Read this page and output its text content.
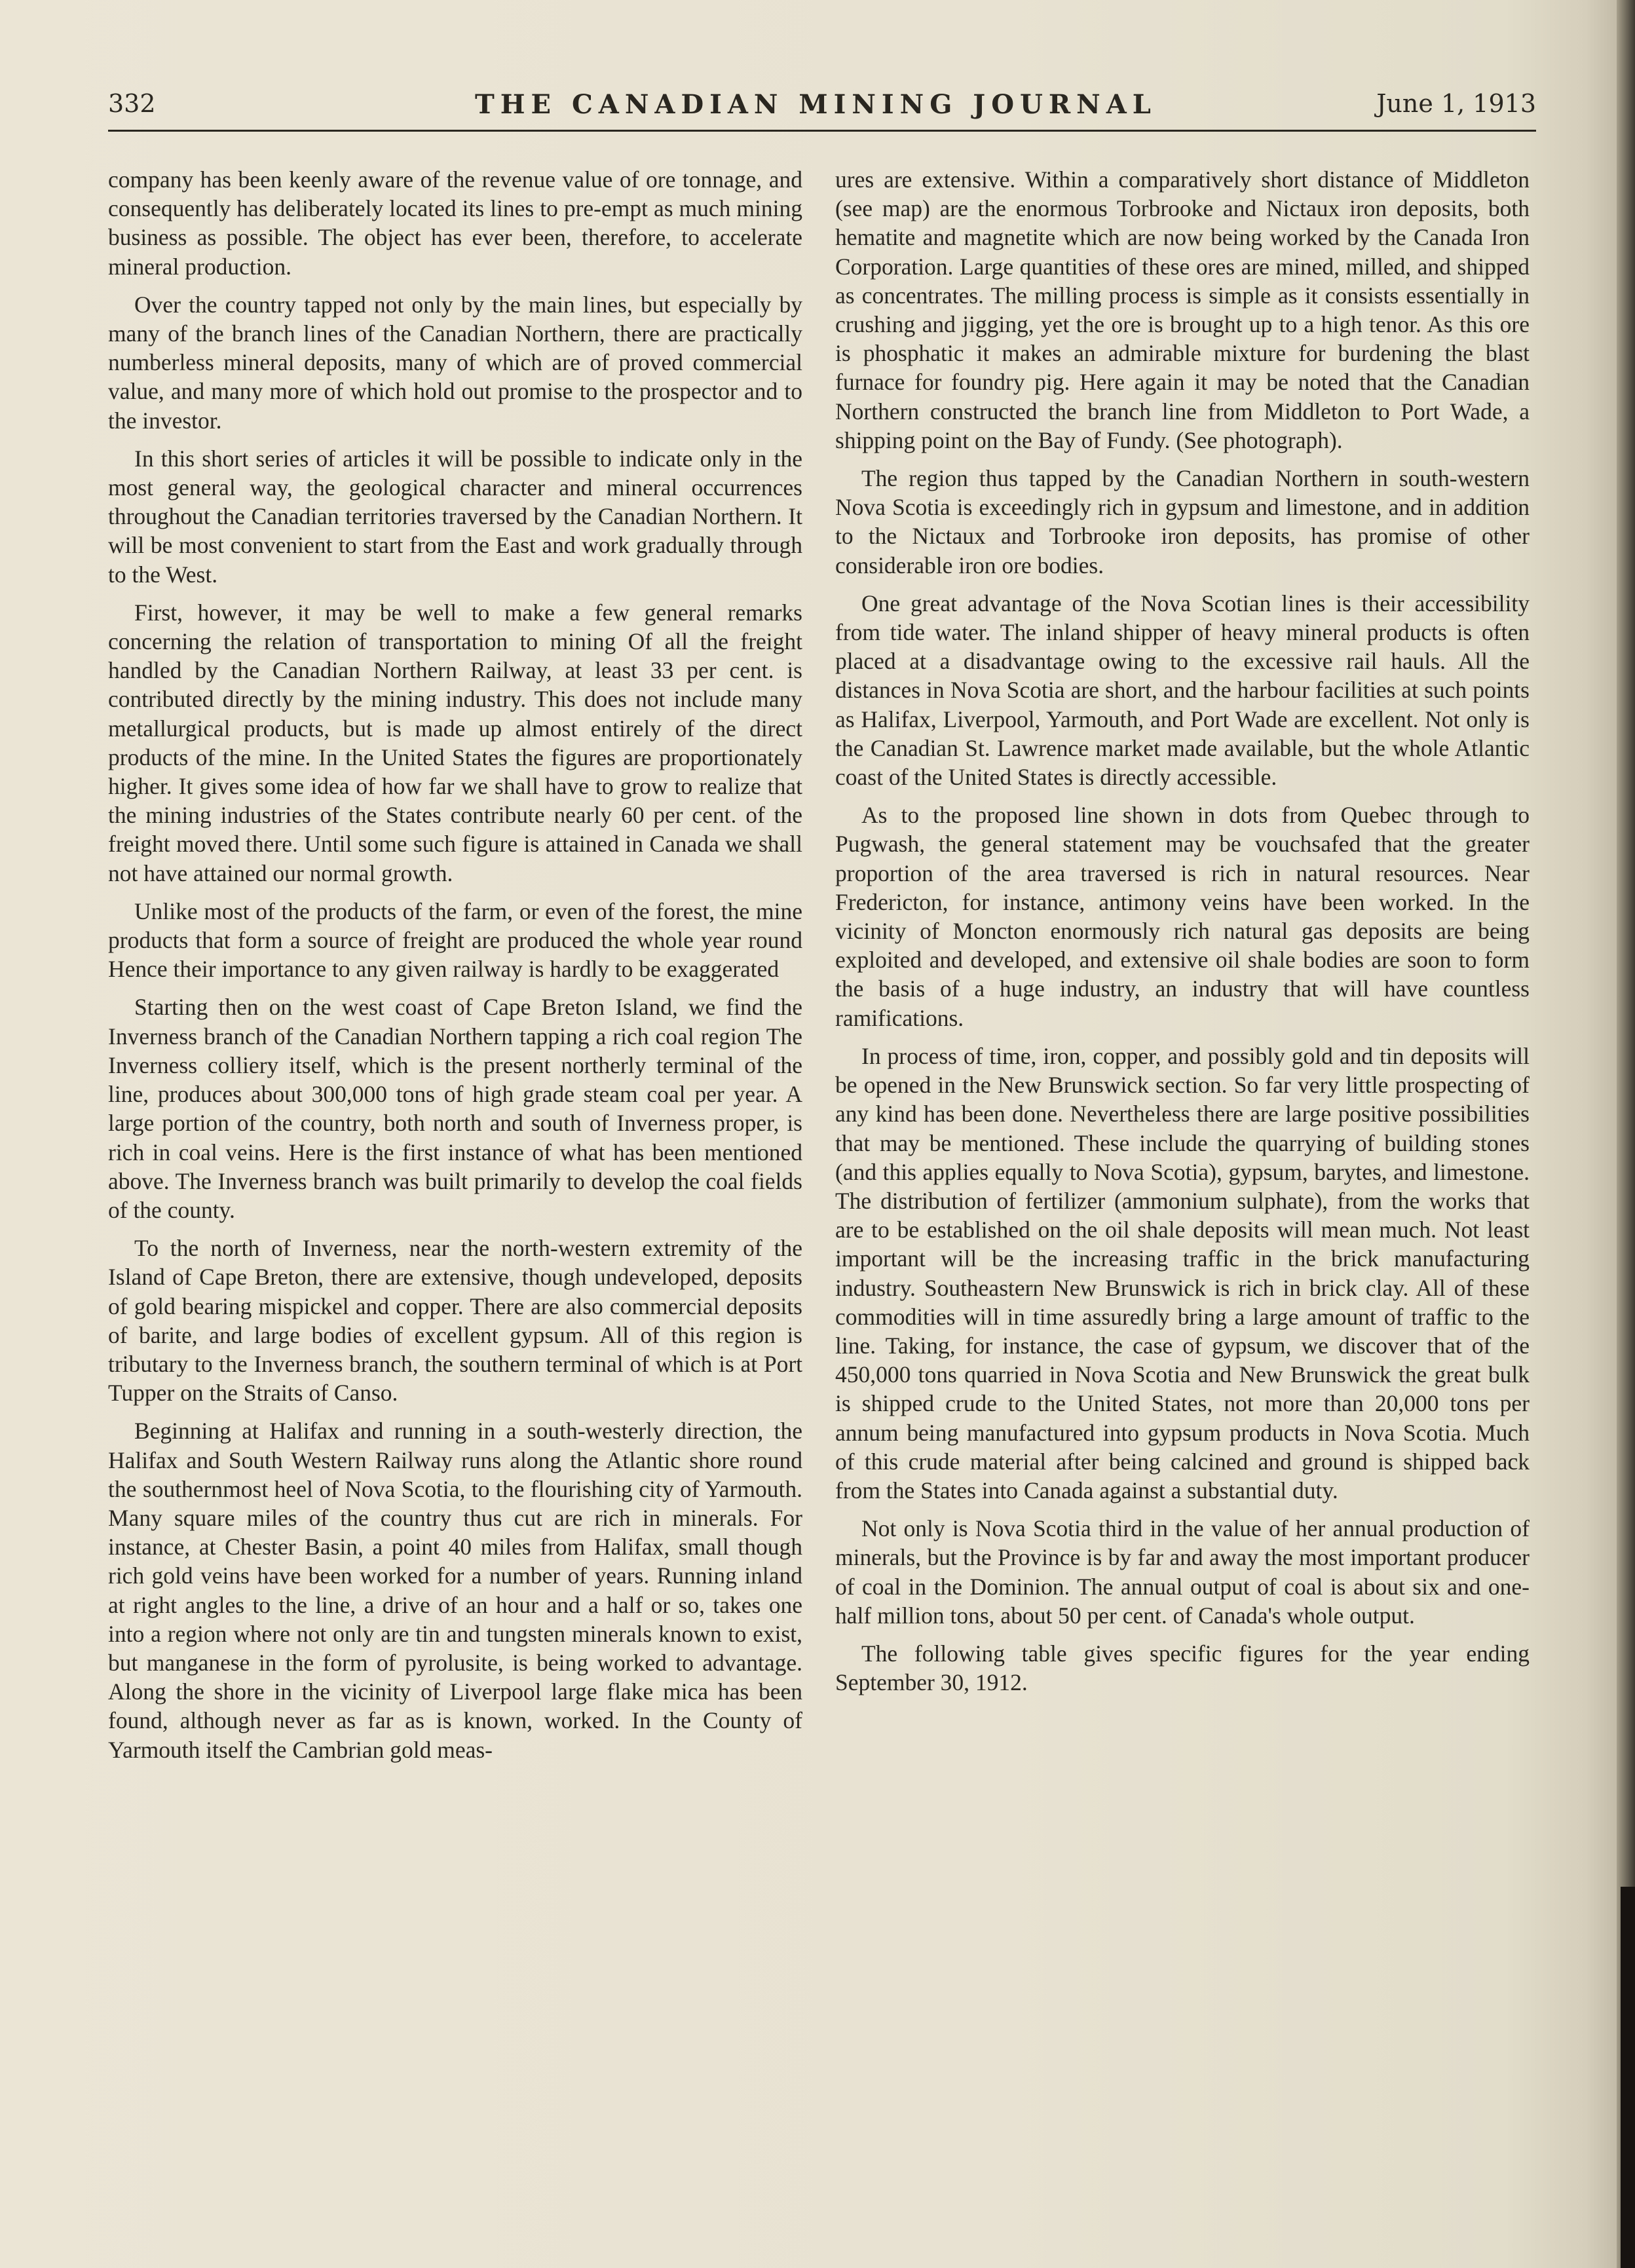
332	THE CANADIAN MINING JOURNAL	June 1, 1913

company has been keenly aware of the revenue value of ore tonnage, and consequently has deliberately located its lines to pre-empt as much mining business as possible. The object has ever been, therefore, to accelerate mineral production.

Over the country tapped not only by the main lines, but especially by many of the branch lines of the Canadian Northern, there are practically numberless mineral deposits, many of which are of proved commercial value, and many more of which hold out promise to the prospector and to the investor.

In this short series of articles it will be possible to indicate only in the most general way, the geological character and mineral occurrences throughout the Canadian territories traversed by the Canadian Northern. It will be most convenient to start from the East and work gradually through to the West.

First, however, it may be well to make a few general remarks concerning the relation of transportation to mining Of all the freight handled by the Canadian Northern Railway, at least 33 per cent. is contributed directly by the mining industry. This does not include many metallurgical products, but is made up almost entirely of the direct products of the mine. In the United States the figures are proportionately higher. It gives some idea of how far we shall have to grow to realize that the mining industries of the States contribute nearly 60 per cent. of the freight moved there. Until some such figure is attained in Canada we shall not have attained our normal growth.

Unlike most of the products of the farm, or even of the forest, the mine products that form a source of freight are produced the whole year round Hence their importance to any given railway is hardly to be exaggerated

Starting then on the west coast of Cape Breton Island, we find the Inverness branch of the Canadian Northern tapping a rich coal region The Inverness colliery itself, which is the present northerly terminal of the line, produces about 300,000 tons of high grade steam coal per year. A large portion of the country, both north and south of Inverness proper, is rich in coal veins. Here is the first instance of what has been mentioned above. The Inverness branch was built primarily to develop the coal fields of the county.

To the north of Inverness, near the north-western extremity of the Island of Cape Breton, there are extensive, though undeveloped, deposits of gold bearing mispickel and copper. There are also commercial deposits of barite, and large bodies of excellent gypsum. All of this region is tributary to the Inverness branch, the southern terminal of which is at Port Tupper on the Straits of Canso.

Beginning at Halifax and running in a south-westerly direction, the Halifax and South Western Railway runs along the Atlantic shore round the southernmost heel of Nova Scotia, to the flourishing city of Yarmouth. Many square miles of the country thus cut are rich in minerals. For instance, at Chester Basin, a point 40 miles from Halifax, small though rich gold veins have been worked for a number of years. Running inland at right angles to the line, a drive of an hour and a half or so, takes one into a region where not only are tin and tungsten minerals known to exist, but manganese in the form of pyrolusite, is being worked to advantage. Along the shore in the vicinity of Liverpool large flake mica has been found, although never as far as is known, worked. In the County of Yarmouth itself the Cambrian gold meas-

ures are extensive. Within a comparatively short distance of Middleton (see map) are the enormous Torbrooke and Nictaux iron deposits, both hematite and magnetite which are now being worked by the Canada Iron Corporation. Large quantities of these ores are mined, milled, and shipped as concentrates. The milling process is simple as it consists essentially in crushing and jigging, yet the ore is brought up to a high tenor. As this ore is phosphatic it makes an admirable mixture for burdening the blast furnace for foundry pig. Here again it may be noted that the Canadian Northern constructed the branch line from Middleton to Port Wade, a shipping point on the Bay of Fundy. (See photograph).

The region thus tapped by the Canadian Northern in south-western Nova Scotia is exceedingly rich in gypsum and limestone, and in addition to the Nictaux and Torbrooke iron deposits, has promise of other considerable iron ore bodies.

One great advantage of the Nova Scotian lines is their accessibility from tide water. The inland shipper of heavy mineral products is often placed at a disadvantage owing to the excessive rail hauls. All the distances in Nova Scotia are short, and the harbour facilities at such points as Halifax, Liverpool, Yarmouth, and Port Wade are excellent. Not only is the Canadian St. Lawrence market made available, but the whole Atlantic coast of the United States is directly accessible.

As to the proposed line shown in dots from Quebec through to Pugwash, the general statement may be vouchsafed that the greater proportion of the area traversed is rich in natural resources. Near Fredericton, for instance, antimony veins have been worked. In the vicinity of Moncton enormously rich natural gas deposits are being exploited and developed, and extensive oil shale bodies are soon to form the basis of a huge industry, an industry that will have countless ramifications.

In process of time, iron, copper, and possibly gold and tin deposits will be opened in the New Brunswick section. So far very little prospecting of any kind has been done. Nevertheless there are large positive possibilities that may be mentioned. These include the quarrying of building stones (and this applies equally to Nova Scotia), gypsum, barytes, and limestone. The distribution of fertilizer (ammonium sulphate), from the works that are to be established on the oil shale deposits will mean much. Not least important will be the increasing traffic in the brick manufacturing industry. Southeastern New Brunswick is rich in brick clay. All of these commodities will in time assuredly bring a large amount of traffic to the line. Taking, for instance, the case of gypsum, we discover that of the 450,000 tons quarried in Nova Scotia and New Brunswick the great bulk is shipped crude to the United States, not more than 20,000 tons per annum being manufactured into gypsum products in Nova Scotia. Much of this crude material after being calcined and ground is shipped back from the States into Canada against a substantial duty.

Not only is Nova Scotia third in the value of her annual production of minerals, but the Province is by far and away the most important producer of coal in the Dominion. The annual output of coal is about six and one-half million tons, about 50 per cent. of Canada's whole output.

The following table gives specific figures for the year ending September 30, 1912.
